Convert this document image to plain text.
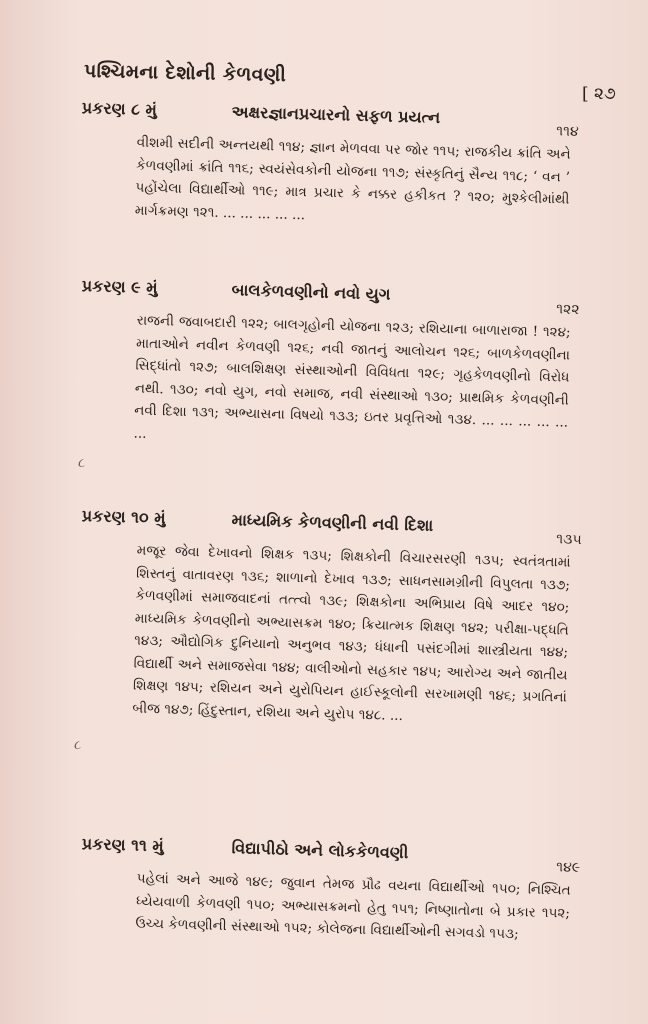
પશ્ચિમના દેશોની કેળવણી
[ ૨૭
પ્રકરણ ૮ મું	અક્ષરજ્ઞાનપ્રચારનો સફળ પ્રયત્ન
૧૧૪
વીશમી સદીની અન્તયથી ૧૧૪; જ્ઞાન મેળવવા પર જોર ૧૧૫; રાજકીય ક્રાંતિ અને કેળવણીમાં ક્રાંતિ ૧૧૬; સ્વયંસેવકોની યોજના ૧૧૭; સંસ્કૃતિનું સૈન્ય ૧૧૮; ‘ વન ’ પહોંચેલા વિદ્યાર્થીઓ ૧૧૯; માત્ર પ્રચાર કે નક્કર હકીકત ? ૧૨૦; મુશ્કેલીમાંથી માર્ગક્રમણ ૧૨૧. ... ... ... ... ...
પ્રકરણ ૯ મું	બાલકેળવણીનો નવો યુગ
૧૨૨
રાજની જવાબદારી ૧૨૨; બાલગૃહોની યોજના ૧૨૩; રશિયાના બાળારાજા ! ૧૨૪; માતાઓને નવીન કેળવણી ૧૨૬; નવી જાતનું આલોચન ૧૨૬; બાળકેળવણીના સિદ્ધાંતો ૧૨૭; બાલશિક્ષણ સંસ્થાઓની વિવિધતા ૧૨૯; ગૃહકેળવણીનો વિરોધ નથી. ૧૩૦; નવો યુગ, નવો સમાજ, નવી સંસ્થાઓ ૧૩૦; પ્રાથમિક કેળવણીની નવી દિશા ૧૩૧; અભ્યાસના વિષયો ૧૩૩; ઇતર પ્રવૃત્તિઓ ૧૩૪. ... ... ... ... ... ...
પ્રકરણ ૧૦ મું	માધ્યમિક કેળવણીની નવી દિશા
૧૩૫
મજૂર જેવા દેખાવનો શિક્ષક ૧૩૫; શિક્ષકોની વિચારસરણી ૧૩૫; સ્વતંત્રતામાં શિસ્તનું વાતાવરણ ૧૩૬; શાળાનો દેખાવ ૧૩૭; સાધનસામગ્રીની વિપુલતા ૧૩૭; કેળવણીમાં સમાજવાદનાં તત્ત્વો ૧૩૯; શિક્ષકોના અભિપ્રાય વિષે આદર ૧૪૦; માધ્યમિક કેળવણીનો અભ્યાસક્રમ ૧૪૦; ક્રિયાત્મક શિક્ષણ ૧૪૨; પરીક્ષા-પદ્ધતિ ૧૪૩; ઔદ્યોગિક દુનિયાનો અનુભવ ૧૪૩; ધંધાની પસંદગીમાં શાસ્ત્રીયતા ૧૪૪; વિદ્યાર્થી અને સમાજસેવા ૧૪૪; વાલીઓનો સહકાર ૧૪૫; આરોગ્ય અને જાતીય શિક્ષણ ૧૪૫; રશિયન અને યુરોપિયન હાઈસ્કૂલોની સરખામણી ૧૪૬; પ્રગતિનાં બીજ ૧૪૭; હિંદુસ્તાન, રશિયા અને યુરોપ ૧૪૮. ...
પ્રકરણ ૧૧ મું	વિદ્યાપીઠો અને લોકકેળવણી
૧૪૯
પહેલાં અને આજે ૧૪૯; જુવાન તેમજ પ્રૌઢ વયના વિદ્યાર્થીઓ ૧૫૦; નિશ્ચિત ધ્યેયવાળી કેળવણી ૧૫૦; અભ્યાસક્રમનો હેતુ ૧૫૧; નિષ્ણાતોના બે પ્રકાર ૧૫૨; ઉચ્ચ કેળવણીની સંસ્થાઓ ૧૫૨; કોલેજના વિદ્યાર્થીઓની સગવડો ૧૫૩;
૮
૮
